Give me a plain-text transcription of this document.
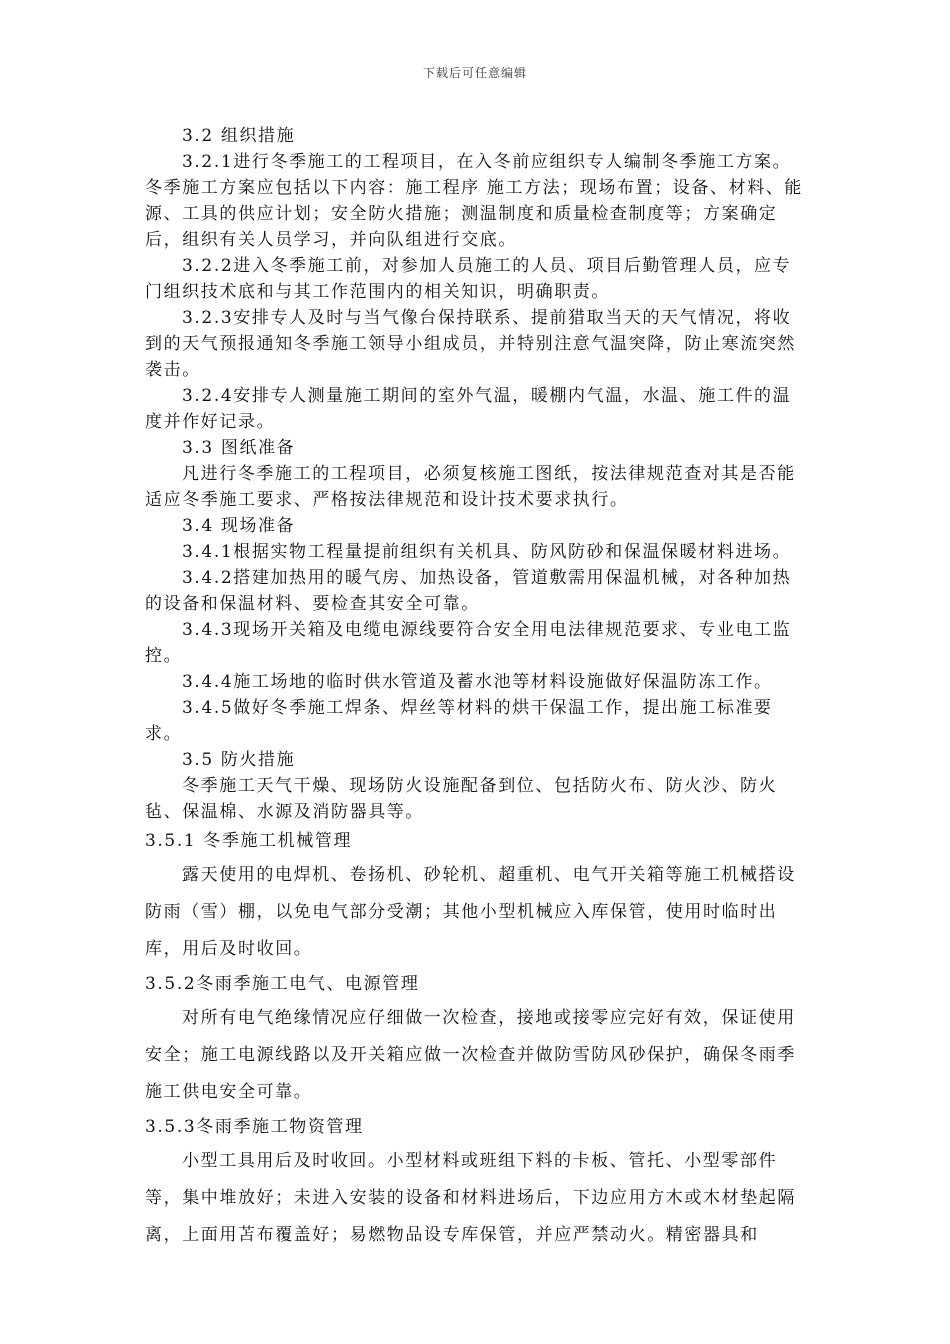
下载后可任意编辑

3.2 组织措施

3.2.1进行冬季施工的工程项目，在入冬前应组织专人编制冬季施工方案。冬季施工方案应包括以下内容：施工程序 施工方法；现场布置；设备、材料、能源、工具的供应计划；安全防火措施；测温制度和质量检查制度等；方案确定后，组织有关人员学习，并向队组进行交底。

3.2.2进入冬季施工前，对参加人员施工的人员、项目后勤管理人员，应专门组织技术底和与其工作范围内的相关知识，明确职责。

3.2.3安排专人及时与当气像台保持联系、提前猎取当天的天气情况，将收到的天气预报通知冬季施工领导小组成员，并特别注意气温突降，防止寒流突然袭击。

3.2.4安排专人测量施工期间的室外气温，暖棚内气温，水温、施工件的温度并作好记录。

3.3 图纸准备

凡进行冬季施工的工程项目，必须复核施工图纸，按法律规范查对其是否能适应冬季施工要求、严格按法律规范和设计技术要求执行。

3.4 现场准备

3.4.1根据实物工程量提前组织有关机具、防风防砂和保温保暖材料进场。

3.4.2搭建加热用的暖气房、加热设备，管道敷需用保温机械，对各种加热的设备和保温材料、要检查其安全可靠。

3.4.3现场开关箱及电缆电源线要符合安全用电法律规范要求、专业电工监控。

3.4.4施工场地的临时供水管道及蓄水池等材料设施做好保温防冻工作。

3.4.5做好冬季施工焊条、焊丝等材料的烘干保温工作，提出施工标准要求。

3.5 防火措施

冬季施工天气干燥、现场防火设施配备到位、包括防火布、防火沙、防火毡、保温棉、水源及消防器具等。

3.5.1 冬季施工机械管理

露天使用的电焊机、卷扬机、砂轮机、超重机、电气开关箱等施工机械搭设防雨（雪）棚，以免电气部分受潮；其他小型机械应入库保管，使用时临时出库，用后及时收回。

3.5.2冬雨季施工电气、电源管理

对所有电气绝缘情况应仔细做一次检查，接地或接零应完好有效，保证使用安全；施工电源线路以及开关箱应做一次检查并做防雪防风砂保护，确保冬雨季施工供电安全可靠。

3.5.3冬雨季施工物资管理

小型工具用后及时收回。小型材料或班组下料的卡板、管托、小型零部件等，集中堆放好；未进入安装的设备和材料进场后，下边应用方木或木材垫起隔离，上面用苫布覆盖好；易燃物品设专库保管，并应严禁动火。精密器具和
